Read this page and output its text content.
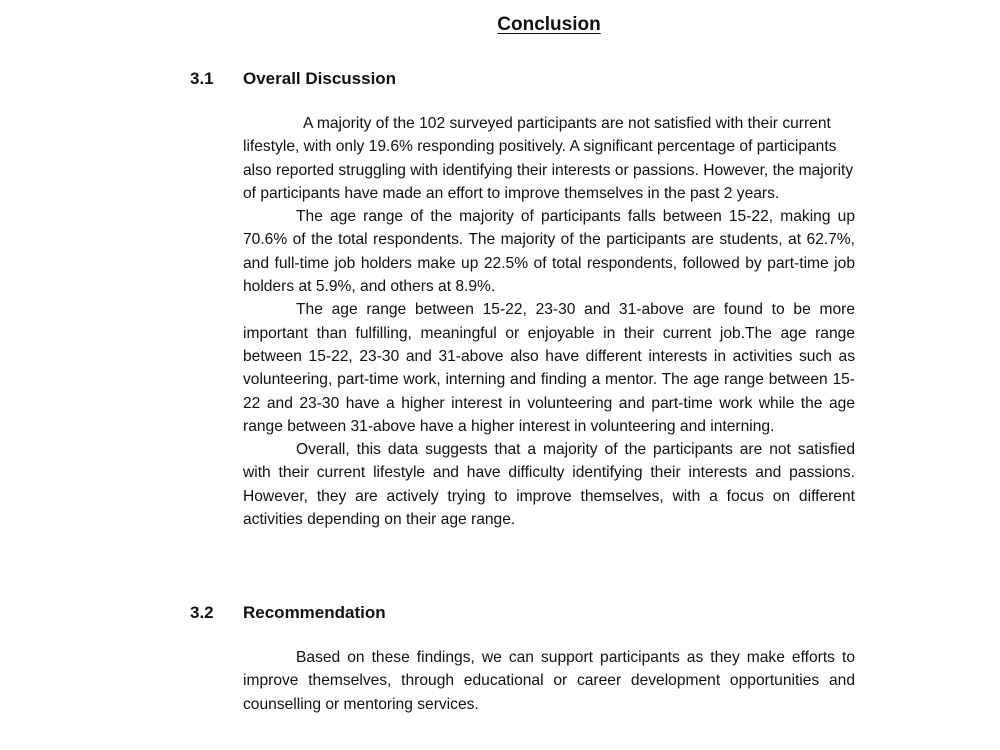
Conclusion
3.1	Overall Discussion

A majority of the 102 surveyed participants are not satisfied with their current lifestyle, with only 19.6% responding positively. A significant percentage of participants also reported struggling with identifying their interests or passions. However, the majority of participants have made an effort to improve themselves in the past 2 years.

The age range of the majority of participants falls between 15-22, making up 70.6% of the total respondents. The majority of the participants are students, at 62.7%, and full-time job holders make up 22.5% of total respondents, followed by part-time job holders at 5.9%, and others at 8.9%.

The age range between 15-22, 23-30 and 31-above are found to be more important than fulfilling, meaningful or enjoyable in their current job.The age range between 15-22, 23-30 and 31-above also have different interests in activities such as volunteering, part-time work, interning and finding a mentor. The age range between 15-22 and 23-30 have a higher interest in volunteering and part-time work while the age range between 31-above have a higher interest in volunteering and interning.

Overall, this data suggests that a majority of the participants are not satisfied with their current lifestyle and have difficulty identifying their interests and passions. However, they are actively trying to improve themselves, with a focus on different activities depending on their age range.

3.2	Recommendation

Based on these findings, we can support participants as they make efforts to improve themselves, through educational or career development opportunities and counselling or mentoring services.
